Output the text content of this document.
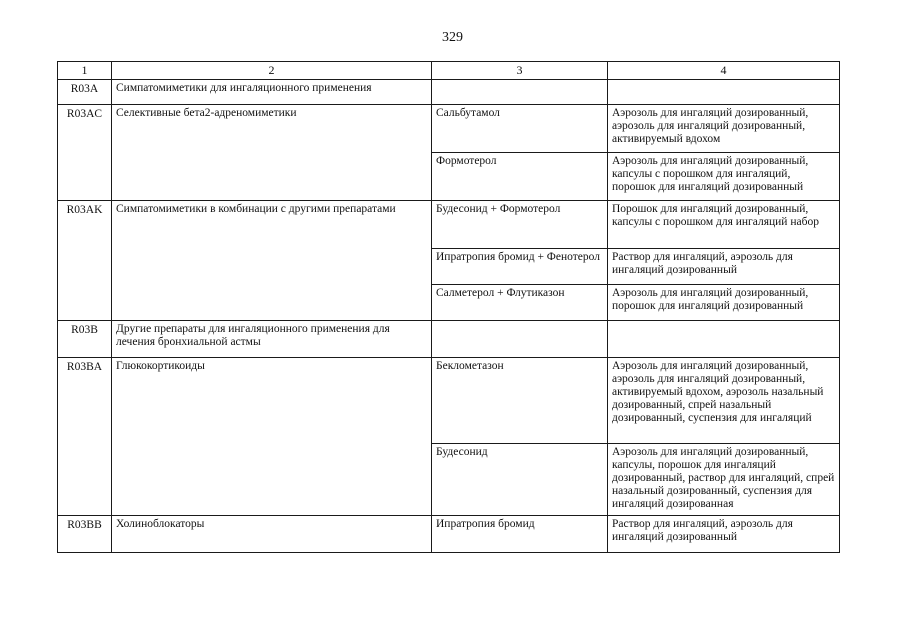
329
1	2	3	4
R03A	Симпатомиметики для ингаляционного применения		
R03AC	Селективные бета2-адреномиметики	Сальбутамол	Аэрозоль для ингаляций дозированный, аэрозоль для ингаляций дозированный, активируемый вдохом
		Формотерол	Аэрозоль для ингаляций дозированный, капсулы с порошком для ингаляций, порошок для ингаляций дозированный
R03AK	Симпатомиметики в комбинации с другими препаратами	Будесонид + Формотерол	Порошок для ингаляций дозированный, капсулы с порошком для ингаляций набор
		Ипратропия бромид + Фенотерол	Раствор для ингаляций, аэрозоль для ингаляций дозированный
		Салметерол + Флутиказон	Аэрозоль для ингаляций дозированный, порошок для ингаляций дозированный
R03B	Другие препараты для ингаляционного применения для лечения бронхиальной астмы		
R03BA	Глюкокортикоиды	Беклометазон	Аэрозоль для ингаляций дозированный, аэрозоль для ингаляций дозированный, активируемый вдохом, аэрозоль назальный дозированный, спрей назальный дозированный, суспензия для ингаляций
		Будесонид	Аэрозоль для ингаляций дозированный, капсулы, порошок для ингаляций дозированный, раствор для ингаляций, спрей назальный дозированный, суспензия для ингаляций дозированная
R03BB	Холиноблокаторы	Ипратропия бромид	Раствор для ингаляций, аэрозоль для ингаляций дозированный
